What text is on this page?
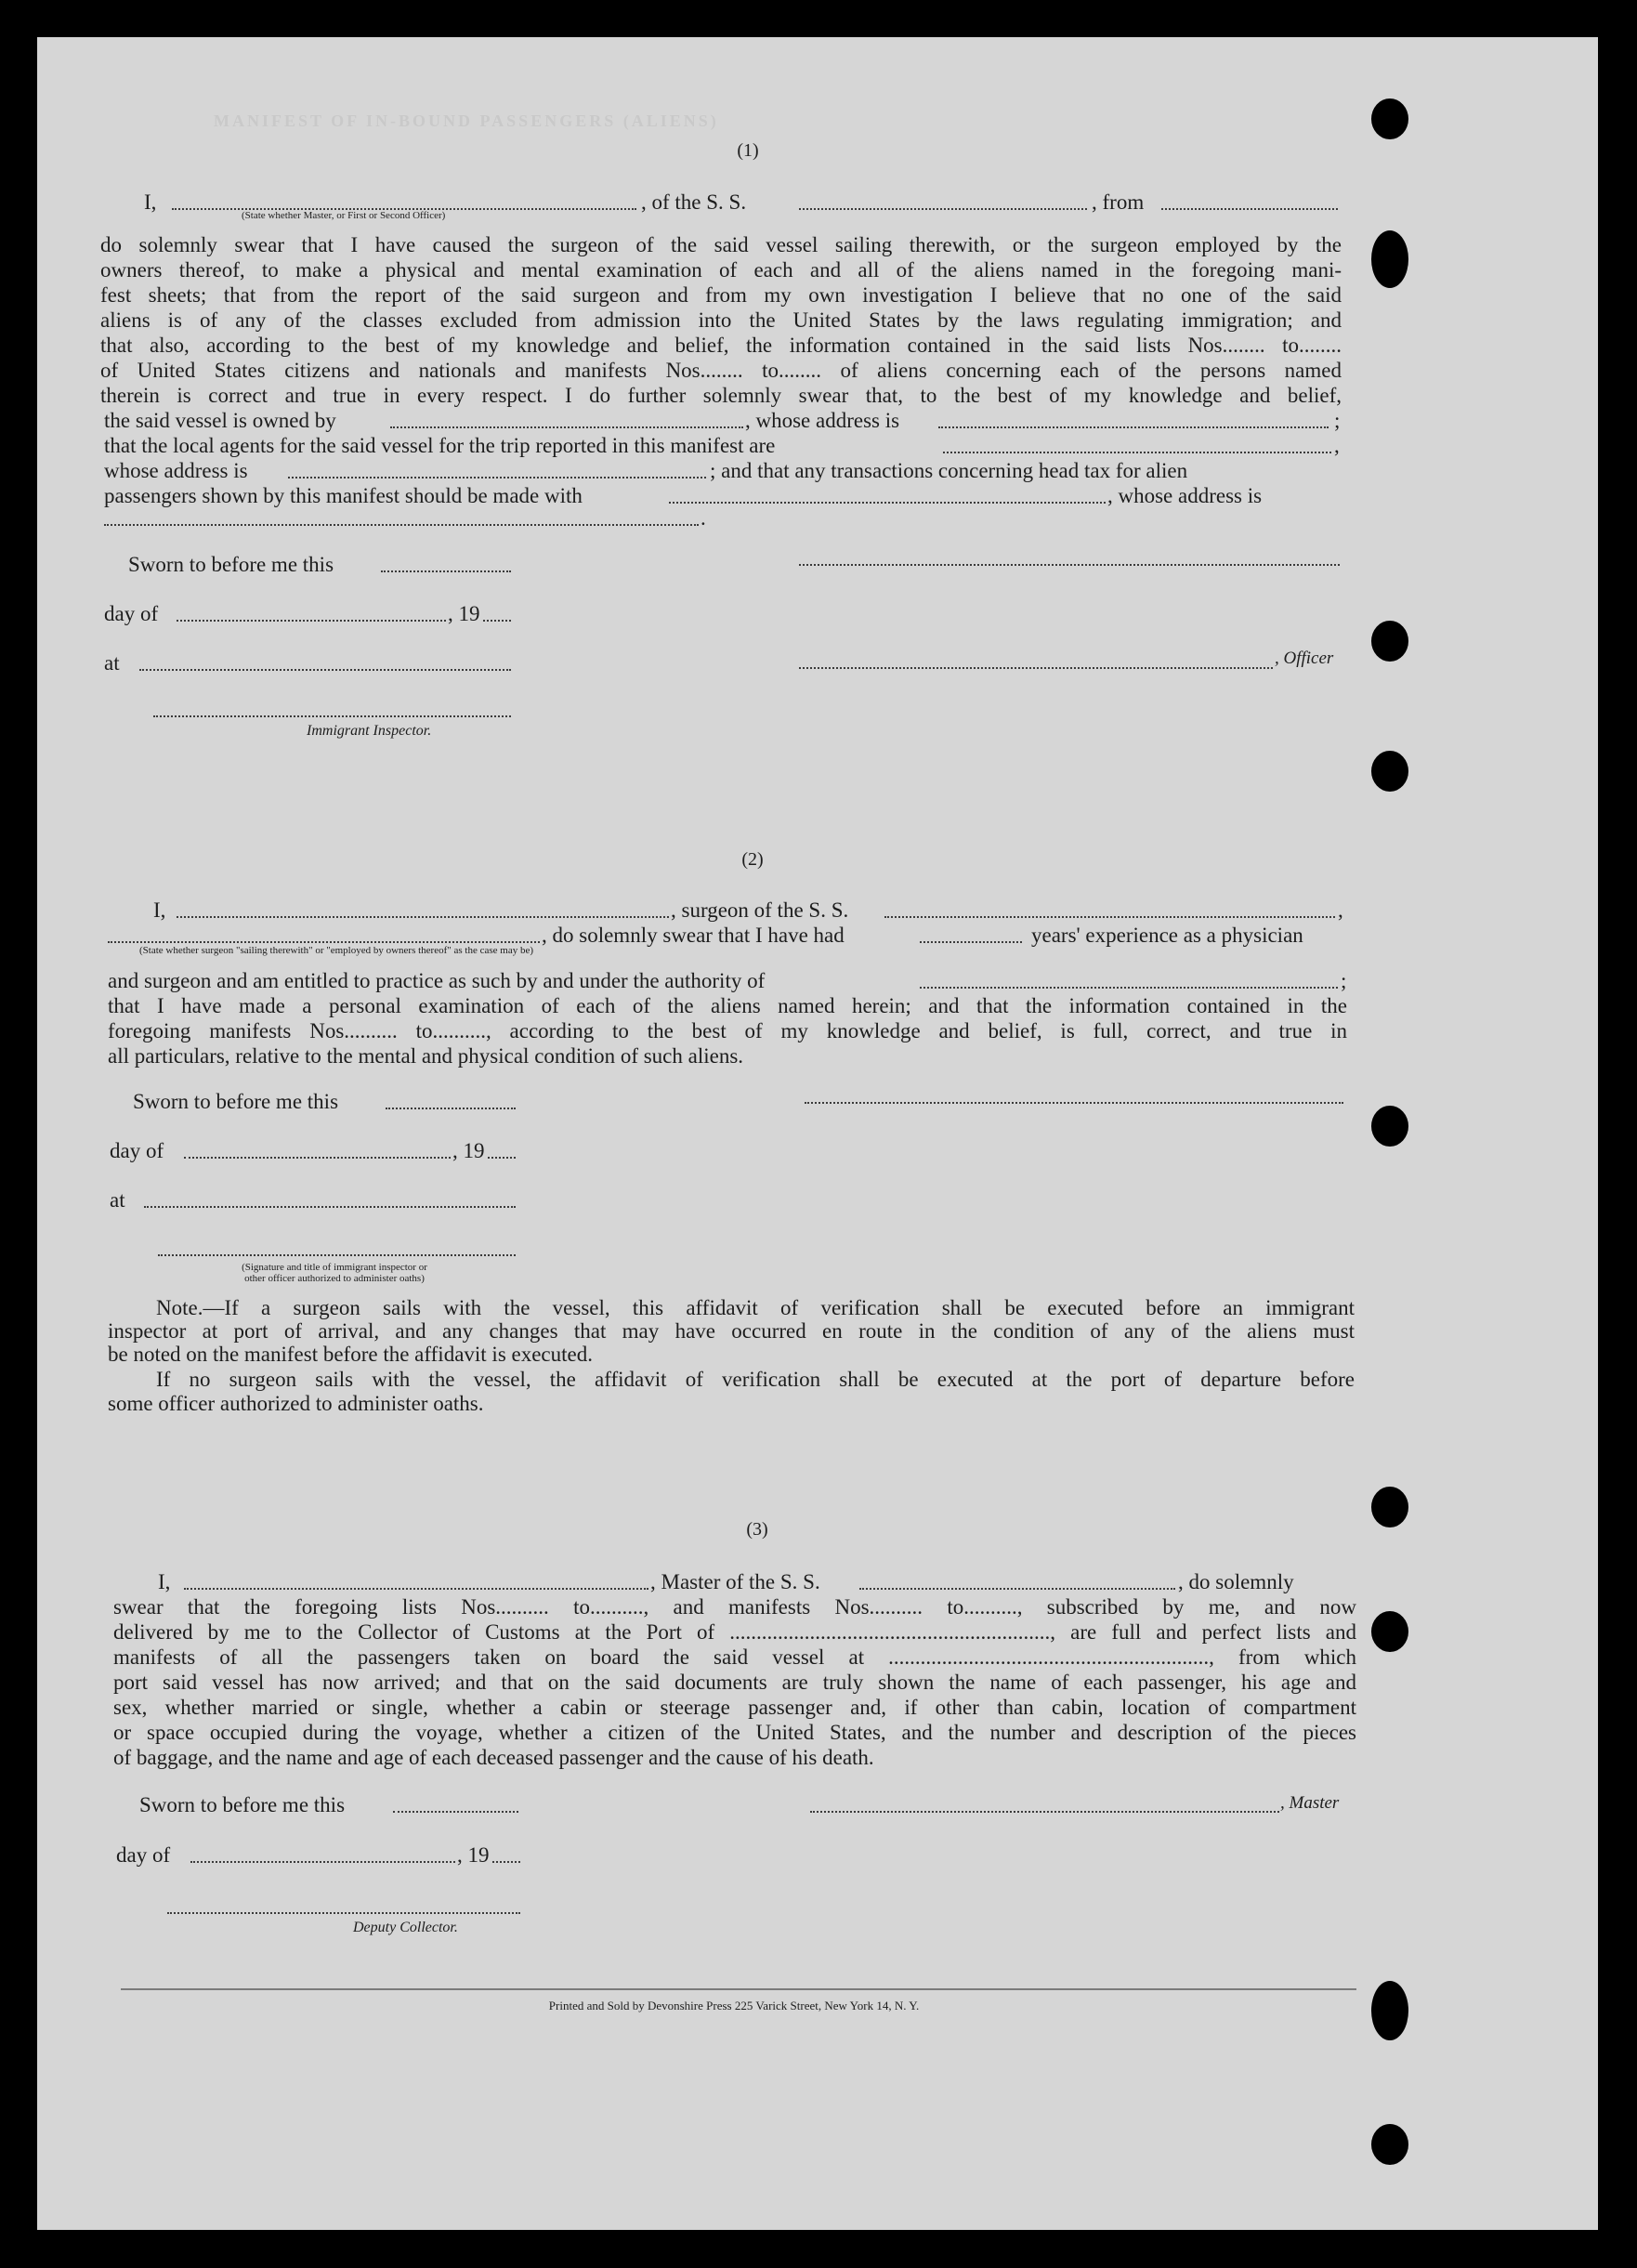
MANIFEST OF IN-BOUND PASSENGERS (ALIENS)
(1)
I,	, of the S. S.	, from
(State whether Master, or First or Second Officer)
do solemnly swear that I have caused the surgeon of the said vessel sailing therewith, or the surgeon employed by the
owners thereof, to make a physical and mental examination of each and all of the aliens named in the foregoing mani-
fest sheets; that from the report of the said surgeon and from my own investigation I believe that no one of the said
aliens is of any of the classes excluded from admission into the United States by the laws regulating immigration; and
that also, according to the best of my knowledge and belief, the information contained in the said lists Nos........ to........
of United States citizens and nationals and manifests Nos........ to........ of aliens concerning each of the persons named
therein is correct and true in every respect. I do further solemnly swear that, to the best of my knowledge and belief,
the said vessel is owned by	, whose address is	;
that the local agents for the said vessel for the trip reported in this manifest are	,
whose address is	; and that any transactions concerning head tax for alien
passengers shown by this manifest should be made with	, whose address is
.
Sworn to before me this
day of	, 19
at	, Officer
Immigrant Inspector.
(2)
I,	, surgeon of the S. S.	,
, do solemnly swear that I have had	years' experience as a physician
(State whether surgeon "sailing therewith" or "employed by owners thereof" as the case may be)
and surgeon and am entitled to practice as such by and under the authority of	;
that I have made a personal examination of each of the aliens named herein; and that the information contained in the
foregoing manifests Nos.......... to.........., according to the best of my knowledge and belief, is full, correct, and true in
all particulars, relative to the mental and physical condition of such aliens.
Sworn to before me this
day of	, 19
at
(Signature and title of immigrant inspector or
other officer authorized to administer oaths)
Note.—If a surgeon sails with the vessel, this affidavit of verification shall be executed before an immigrant
inspector at port of arrival, and any changes that may have occurred en route in the condition of any of the aliens must
be noted on the manifest before the affidavit is executed.
If no surgeon sails with the vessel, the affidavit of verification shall be executed at the port of departure before
some officer authorized to administer oaths.
(3)
I,	, Master of the S. S.	, do solemnly
swear that the foregoing lists Nos.......... to.........., and manifests Nos.......... to.........., subscribed by me, and now
delivered by me to the Collector of Customs at the Port of ............................................................, are full and perfect lists and
manifests of all the passengers taken on board the said vessel at ............................................................, from which
port said vessel has now arrived; and that on the said documents are truly shown the name of each passenger, his age and
sex, whether married or single, whether a cabin or steerage passenger and, if other than cabin, location of compartment
or space occupied during the voyage, whether a citizen of the United States, and the number and description of the pieces
of baggage, and the name and age of each deceased passenger and the cause of his death.
Sworn to before me this	, Master
day of	, 19
Deputy Collector.
Printed and Sold by Devonshire Press 225 Varick Street, New York 14, N. Y.
